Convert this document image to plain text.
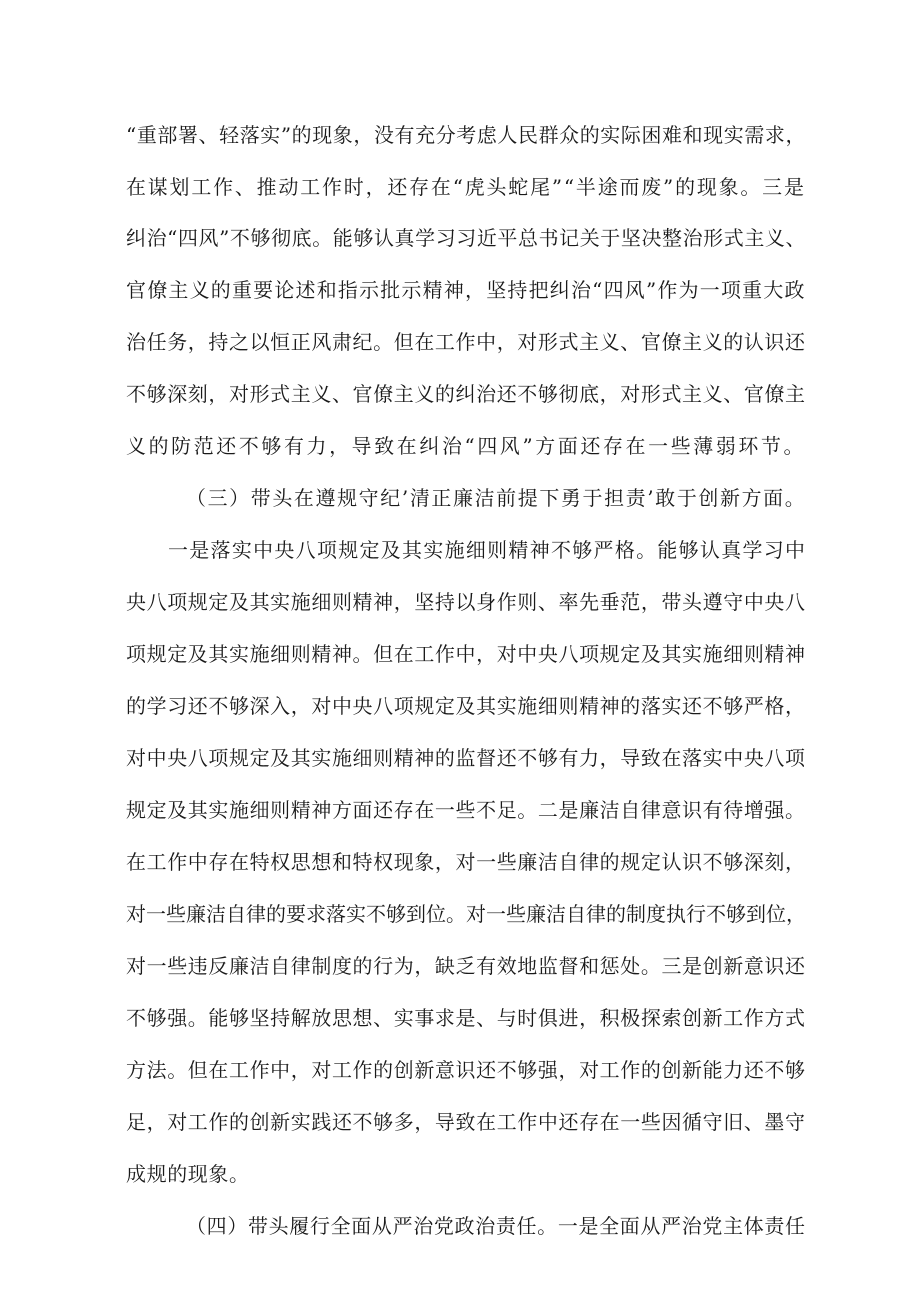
“重部署、轻落实”的现象，没有充分考虑人民群众的实际困难和现实需求，
在谋划工作、推动工作时，还存在“虎头蛇尾”“半途而废”的现象。三是
纠治“四风”不够彻底。能够认真学习习近平总书记关于坚决整治形式主义、
官僚主义的重要论述和指示批示精神，坚持把纠治“四风”作为一项重大政
治任务，持之以恒正风肃纪。但在工作中，对形式主义、官僚主义的认识还
不够深刻，对形式主义、官僚主义的纠治还不够彻底，对形式主义、官僚主
义的防范还不够有力，导致在纠治“四风”方面还存在一些薄弱环节。
（三）带头在遵规守纪’清正廉洁前提下勇于担责’敢于创新方面。
一是落实中央八项规定及其实施细则精神不够严格。能够认真学习中
央八项规定及其实施细则精神，坚持以身作则、率先垂范，带头遵守中央八
项规定及其实施细则精神。但在工作中，对中央八项规定及其实施细则精神
的学习还不够深入，对中央八项规定及其实施细则精神的落实还不够严格，
对中央八项规定及其实施细则精神的监督还不够有力，导致在落实中央八项
规定及其实施细则精神方面还存在一些不足。二是廉洁自律意识有待增强。
在工作中存在特权思想和特权现象，对一些廉洁自律的规定认识不够深刻，
对一些廉洁自律的要求落实不够到位。对一些廉洁自律的制度执行不够到位，
对一些违反廉洁自律制度的行为，缺乏有效地监督和惩处。三是创新意识还
不够强。能够坚持解放思想、实事求是、与时俱进，积极探索创新工作方式
方法。但在工作中，对工作的创新意识还不够强，对工作的创新能力还不够
足，对工作的创新实践还不够多，导致在工作中还存在一些因循守旧、墨守
成规的现象。
（四）带头履行全面从严治党政治责任。一是全面从严治党主体责任
